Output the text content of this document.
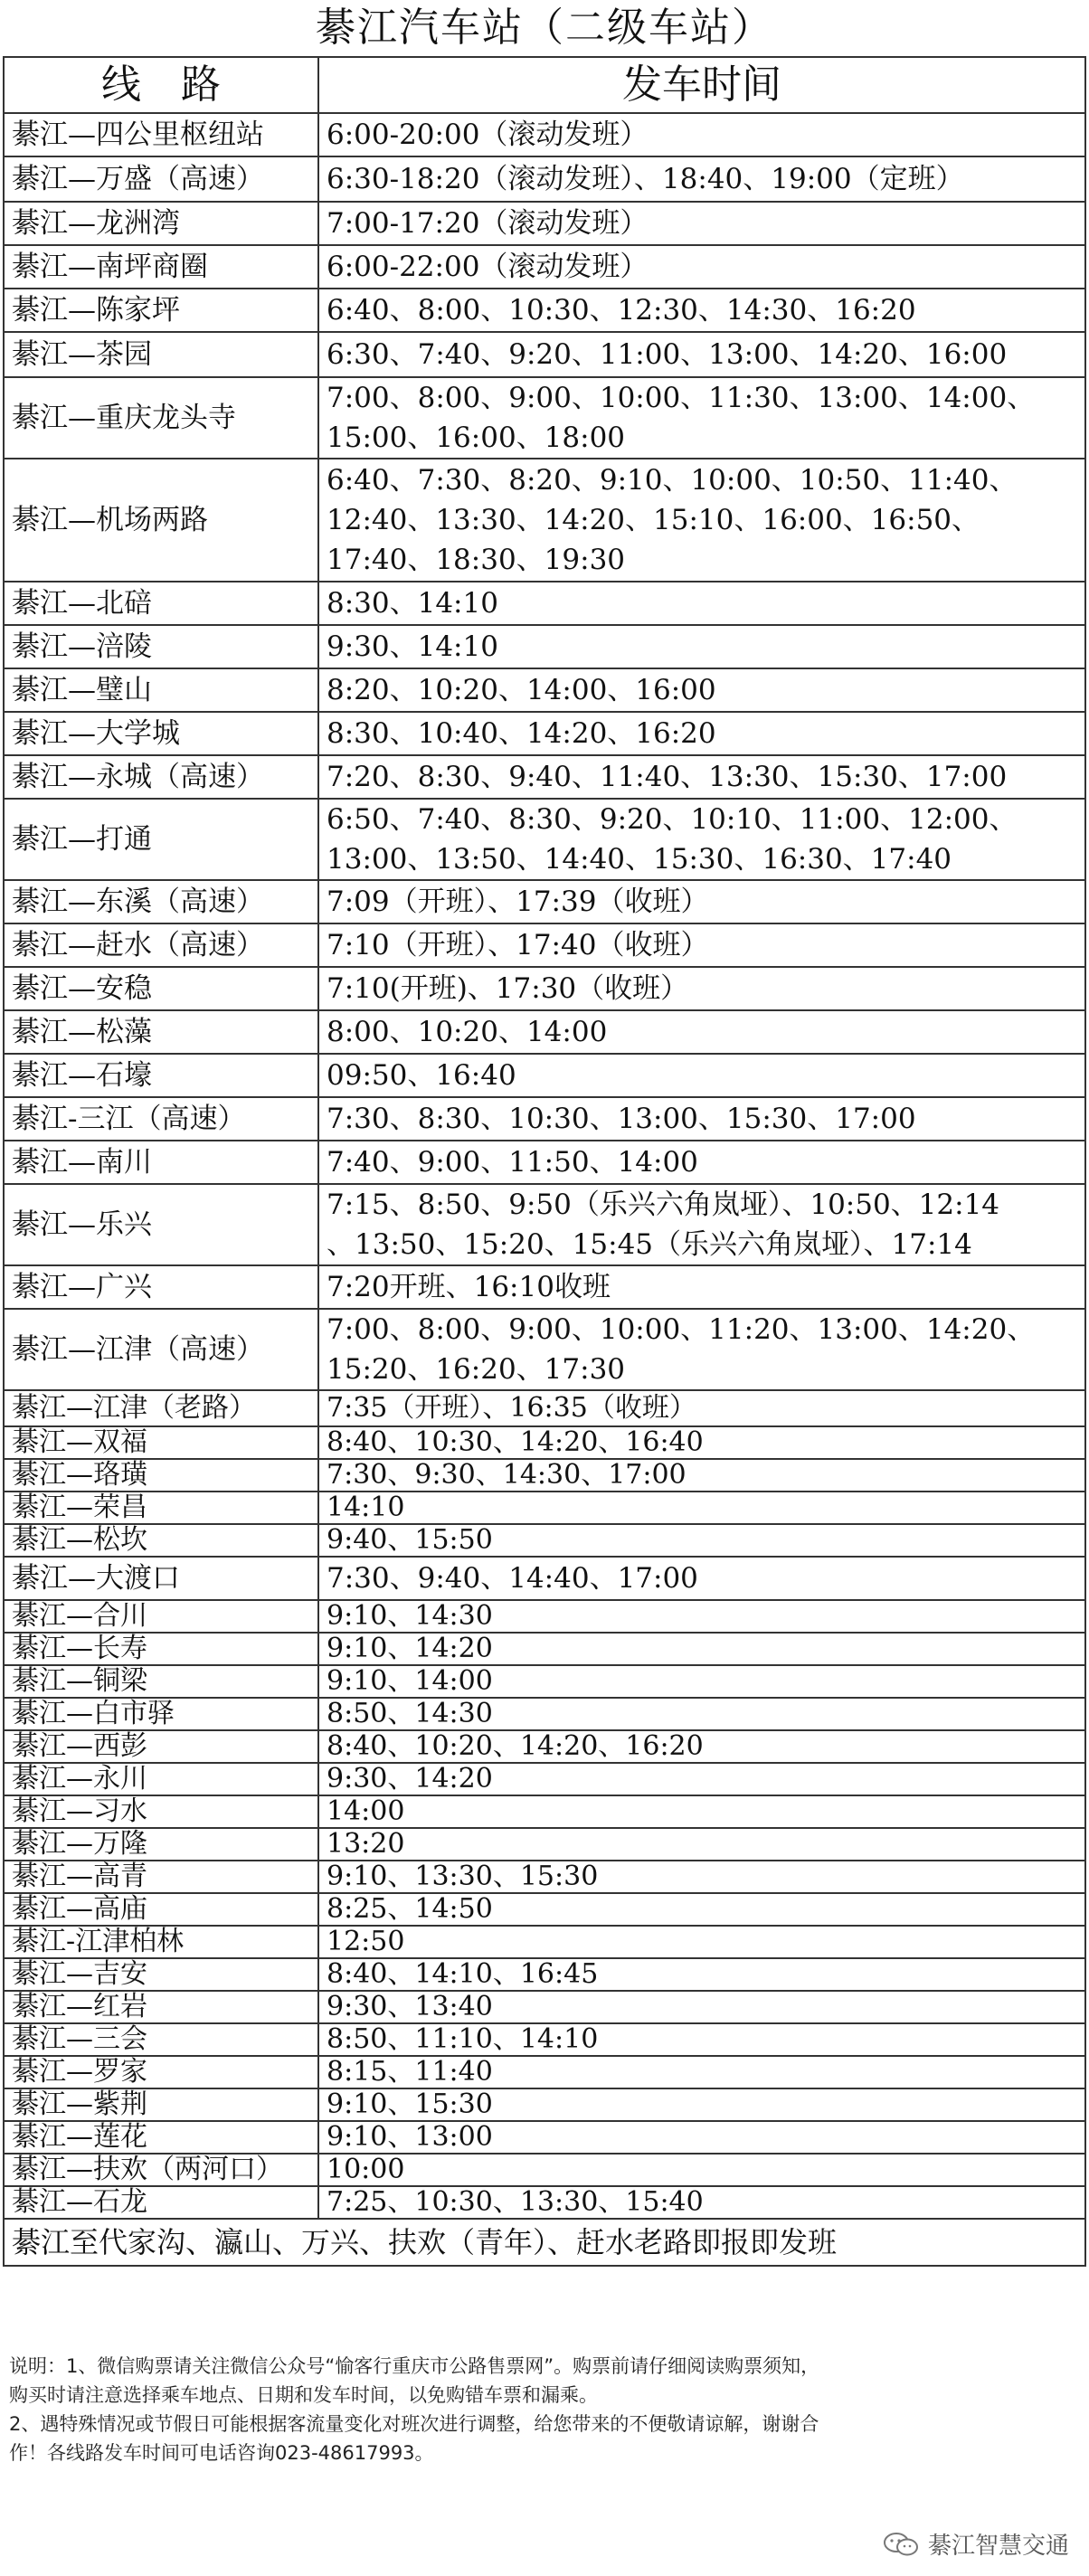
綦江汽车站（二级车站）
线　路	发车时间
綦江—四公里枢纽站	6:00-20:00（滚动发班）

綦江—万盛（高速）	6:30-18:20（滚动发班）、18:40、19:00（定班）

綦江—龙洲湾	7:00-17:20（滚动发班）

綦江—南坪商圈	6:00-22:00（滚动发班）

綦江—陈家坪	6:40、8:00、10:30、12:30、14:30、16:20

綦江—茶园	6:30、7:40、9:20、11:00、13:00、14:20、16:00

綦江—重庆龙头寺	7:00、8:00、9:00、10:00、11:30、13:00、14:00、
15:00、16:00、18:00

綦江—机场两路	6:40、7:30、8:20、9:10、10:00、10:50、11:40、
12:40、13:30、14:20、15:10、16:00、16:50、
17:40、18:30、19:30

綦江—北碚	8:30、14:10

綦江—涪陵	9:30、14:10

綦江—璧山	8:20、10:20、14:00、16:00

綦江—大学城	8:30、10:40、14:20、16:20

綦江—永城（高速）	7:20、8:30、9:40、11:40、13:30、15:30、17:00

綦江—打通	6:50、7:40、8:30、9:20、10:10、11:00、12:00、
13:00、13:50、14:40、15:30、16:30、17:40

綦江—东溪（高速）	7:09（开班）、17:39（收班）

綦江—赶水（高速）	7:10（开班）、17:40（收班）

綦江—安稳	7:10(开班)、17:30（收班）

綦江—松藻	8:00、10:20、14:00

綦江—石壕	09:50、16:40

綦江-三江（高速）	7:30、8:30、10:30、13:00、15:30、17:00

綦江—南川	7:40、9:00、11:50、14:00

綦江—乐兴	7:15、8:50、9:50（乐兴六角岚垭）、10:50、12:14
、13:50、15:20、15:45（乐兴六角岚垭）、17:14

綦江—广兴	7:20开班、16:10收班

綦江—江津（高速）	7:00、8:00、9:00、10:00、11:20、13:00、14:20、
15:20、16:20、17:30

綦江—江津（老路）	7:35（开班）、16:35（收班）

綦江—双福	8:40、10:30、14:20、16:40

綦江—珞璜	7:30、9:30、14:30、17:00

綦江—荣昌	14:10

綦江—松坎	9:40、15:50

綦江—大渡口	7:30、9:40、14:40、17:00

綦江—合川	9:10、14:30

綦江—长寿	9:10、14:20

綦江—铜梁	9:10、14:00

綦江—白市驿	8:50、14:30

綦江—西彭	8:40、10:20、14:20、16:20

綦江—永川	9:30、14:20

綦江—习水	14:00

綦江—万隆	13:20

綦江—高青	9:10、13:30、15:30

綦江—高庙	8:25、14:50

綦江-江津柏林	12:50

綦江—吉安	8:40、14:10、16:45

綦江—红岩	9:30、13:40

綦江—三会	8:50、11:10、14:10

綦江—罗家	8:15、11:40

綦江—紫荆	9:10、15:30

綦江—莲花	9:10、13:00

綦江—扶欢（两河口）	10:00

綦江—石龙	7:25、10:30、13:30、15:40

綦江至代家沟、瀛山、万兴、扶欢（青年）、赶水老路即报即发班	

说明：1、微信购票请关注微信公众号“愉客行重庆市公路售票网”。购票前请仔细阅读购票须知，

购买时请注意选择乘车地点、日期和发车时间，以免购错车票和漏乘。

2、遇特殊情况或节假日可能根据客流量变化对班次进行调整，给您带来的不便敬请谅解，谢谢合

作！各线路发车时间可电话咨询023-48617993。

綦江智慧交通
